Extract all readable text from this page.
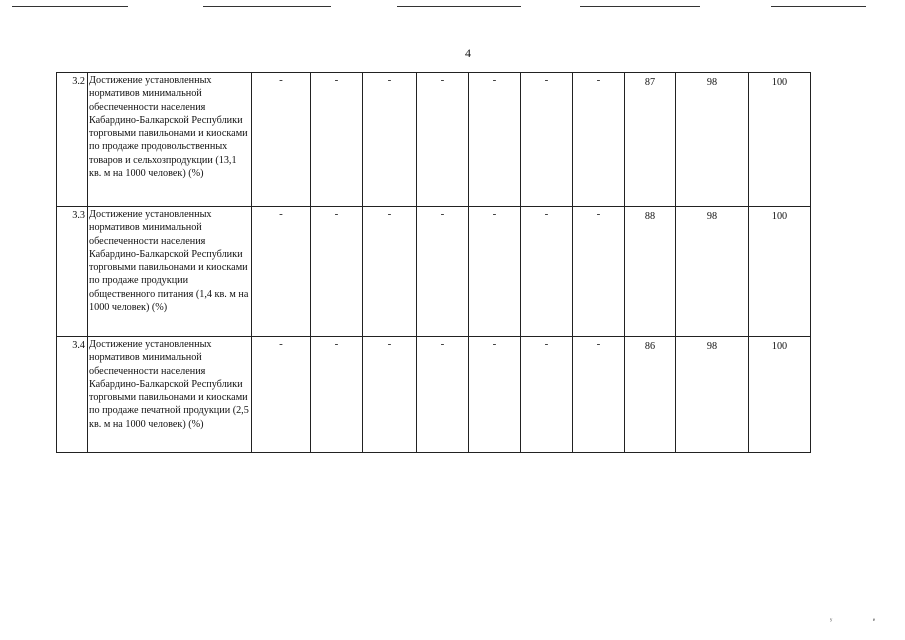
4
3.2	Достижение установленных нормативов минимальной обеспеченности населения Кабардино-Балкарской Республики торговыми павильонами и киосками по продаже продовольственных товаров и сельхозпродукции (13,1 кв. м на 1000 человек) (%)	-	-	-	-	-	-	-	87	98	100
3.3	Достижение установленных нормативов минимальной обеспеченности населения Кабардино-Балкарской Республики торговыми павильонами и киосками по продаже продукции общественного питания (1,4 кв. м на 1000 человек) (%)	-	-	-	-	-	-	-	88	98	100
3.4	Достижение установленных нормативов минимальной обеспеченности населения Кабардино-Балкарской Республики торговыми павильонами и киосками по продаже печатной продукции (2,5 кв. м на 1000 человек) (%)	-	-	-	-	-	-	-	86	98	100
ʸ	ᵉ
